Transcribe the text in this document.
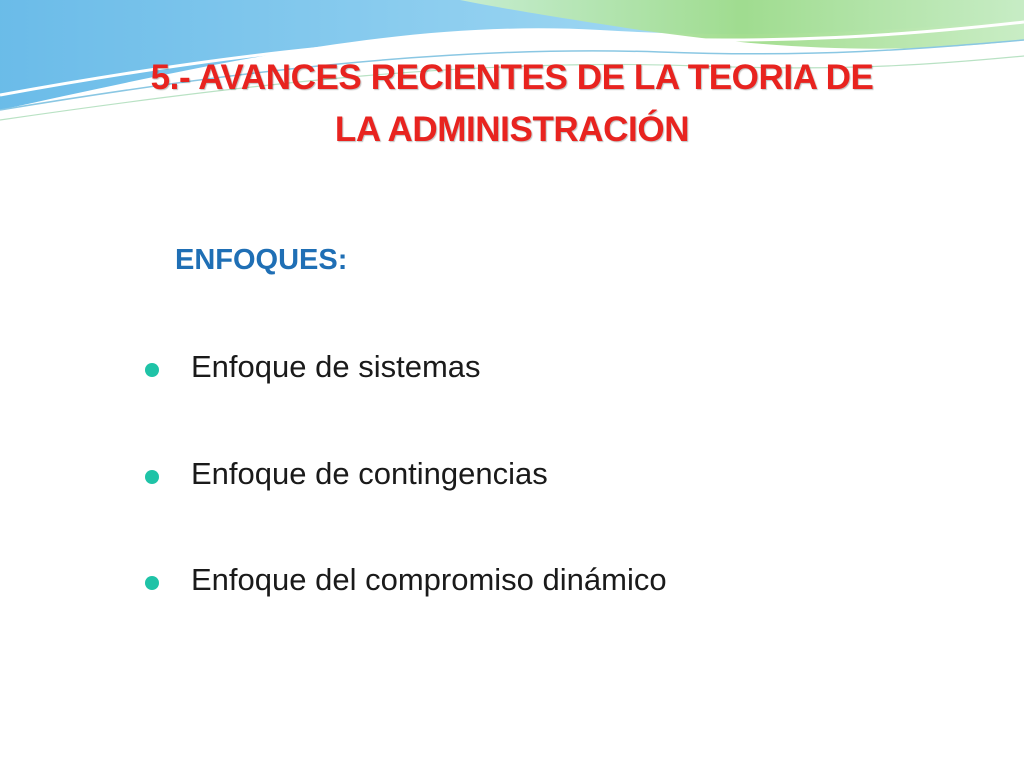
5.- AVANCES RECIENTES DE LA TEORIA DE
LA ADMINISTRACIÓN
ENFOQUES:
Enfoque de sistemas
Enfoque de contingencias
Enfoque del compromiso dinámico
